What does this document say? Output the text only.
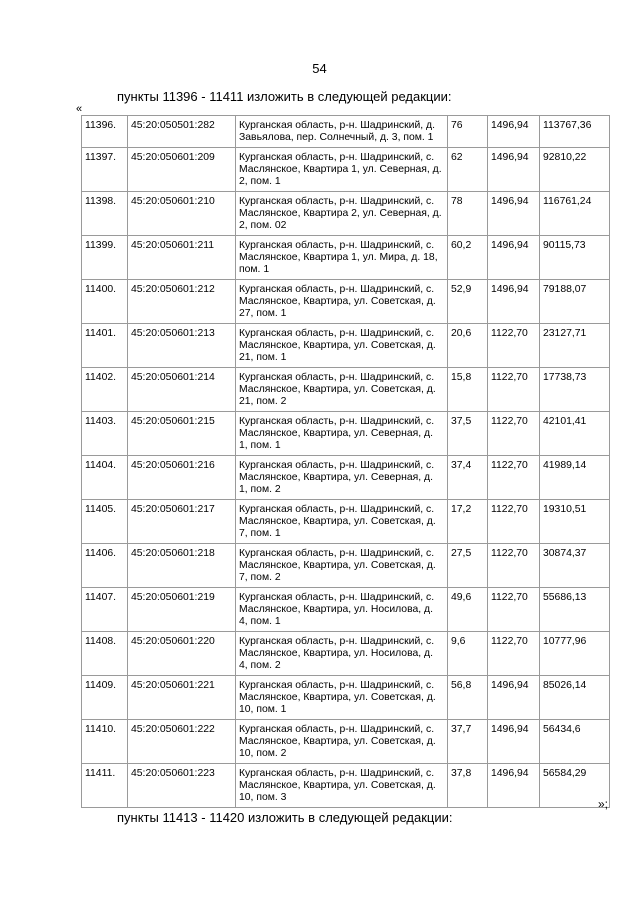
54
пункты 11396 - 11411 изложить в следующей редакции:
«
11396.	45:20:050501:282	Курганская область, р-н. Шадринский, д. Завьялова, пер. Солнечный, д. 3, пом. 1	76	1496,94	113767,36
11397.	45:20:050601:209	Курганская область, р-н. Шадринский, с. Маслянское, Квартира 1, ул. Северная, д. 2, пом. 1	62	1496,94	92810,22
11398.	45:20:050601:210	Курганская область, р-н. Шадринский, с. Маслянское, Квартира 2, ул. Северная, д. 2, пом. 02	78	1496,94	116761,24
11399.	45:20:050601:211	Курганская область, р-н. Шадринский, с. Маслянское, Квартира 1, ул. Мира, д. 18, пом. 1	60,2	1496,94	90115,73
11400.	45:20:050601:212	Курганская область, р-н. Шадринский, с. Маслянское, Квартира, ул. Советская, д. 27, пом. 1	52,9	1496,94	79188,07
11401.	45:20:050601:213	Курганская область, р-н. Шадринский, с. Маслянское, Квартира, ул. Советская, д. 21, пом. 1	20,6	1122,70	23127,71
11402.	45:20:050601:214	Курганская область, р-н. Шадринский, с. Маслянское, Квартира, ул. Советская, д. 21, пом. 2	15,8	1122,70	17738,73
11403.	45:20:050601:215	Курганская область, р-н. Шадринский, с. Маслянское, Квартира, ул. Северная, д. 1, пом. 1	37,5	1122,70	42101,41
11404.	45:20:050601:216	Курганская область, р-н. Шадринский, с. Маслянское, Квартира, ул. Северная, д. 1, пом. 2	37,4	1122,70	41989,14
11405.	45:20:050601:217	Курганская область, р-н. Шадринский, с. Маслянское, Квартира, ул. Советская, д. 7, пом. 1	17,2	1122,70	19310,51
11406.	45:20:050601:218	Курганская область, р-н. Шадринский, с. Маслянское, Квартира, ул. Советская, д. 7, пом. 2	27,5	1122,70	30874,37
11407.	45:20:050601:219	Курганская область, р-н. Шадринский, с. Маслянское, Квартира, ул. Носилова, д. 4, пом. 1	49,6	1122,70	55686,13
11408.	45:20:050601:220	Курганская область, р-н. Шадринский, с. Маслянское, Квартира, ул. Носилова, д. 4, пом. 2	9,6	1122,70	10777,96
11409.	45:20:050601:221	Курганская область, р-н. Шадринский, с. Маслянское, Квартира, ул. Советская, д. 10, пом. 1	56,8	1496,94	85026,14
11410.	45:20:050601:222	Курганская область, р-н. Шадринский, с. Маслянское, Квартира, ул. Советская, д. 10, пом. 2	37,7	1496,94	56434,6
11411.	45:20:050601:223	Курганская область, р-н. Шадринский, с. Маслянское, Квартира, ул. Советская, д. 10, пом. 3	37,8	1496,94	56584,29
»;
пункты 11413 - 11420 изложить в следующей редакции:
